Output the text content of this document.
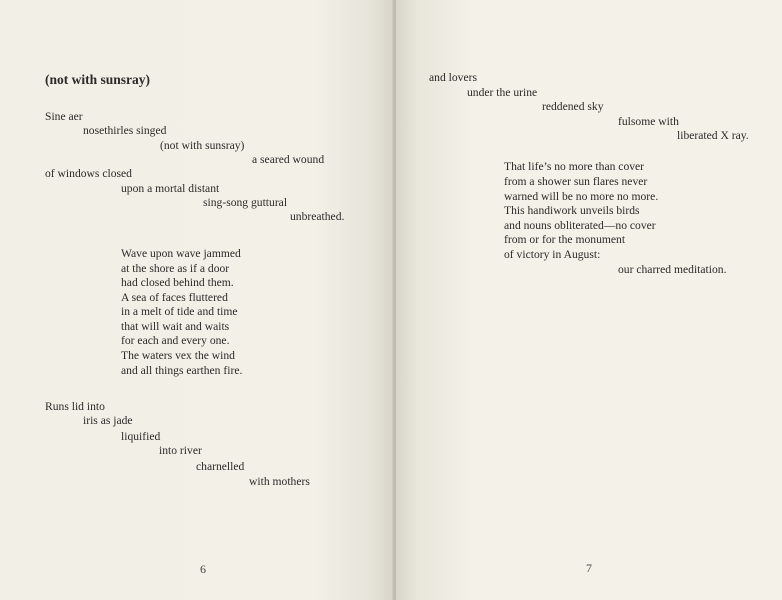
(not with sunsray)
Sine aer
nosethirles singed
(not with sunsray)
a seared wound
of windows closed
upon a mortal distant
sing-song guttural
unbreathed.
Wave upon wave jammed
at the shore as if a door
had closed behind them.
A sea of faces fluttered
in a melt of tide and time
that will wait and waits
for each and every one.
The waters vex the wind
and all things earthen fire.
Runs lid into
iris as jade
liquified
into river
charnelled
with mothers
6
and lovers
under the urine
reddened sky
fulsome with
liberated X ray.
That life’s no more than cover
from a shower sun flares never
warned will be no more no more.
This handiwork unveils birds
and nouns obliterated—no cover
from or for the monument
of victory in August:
our charred meditation.
7
